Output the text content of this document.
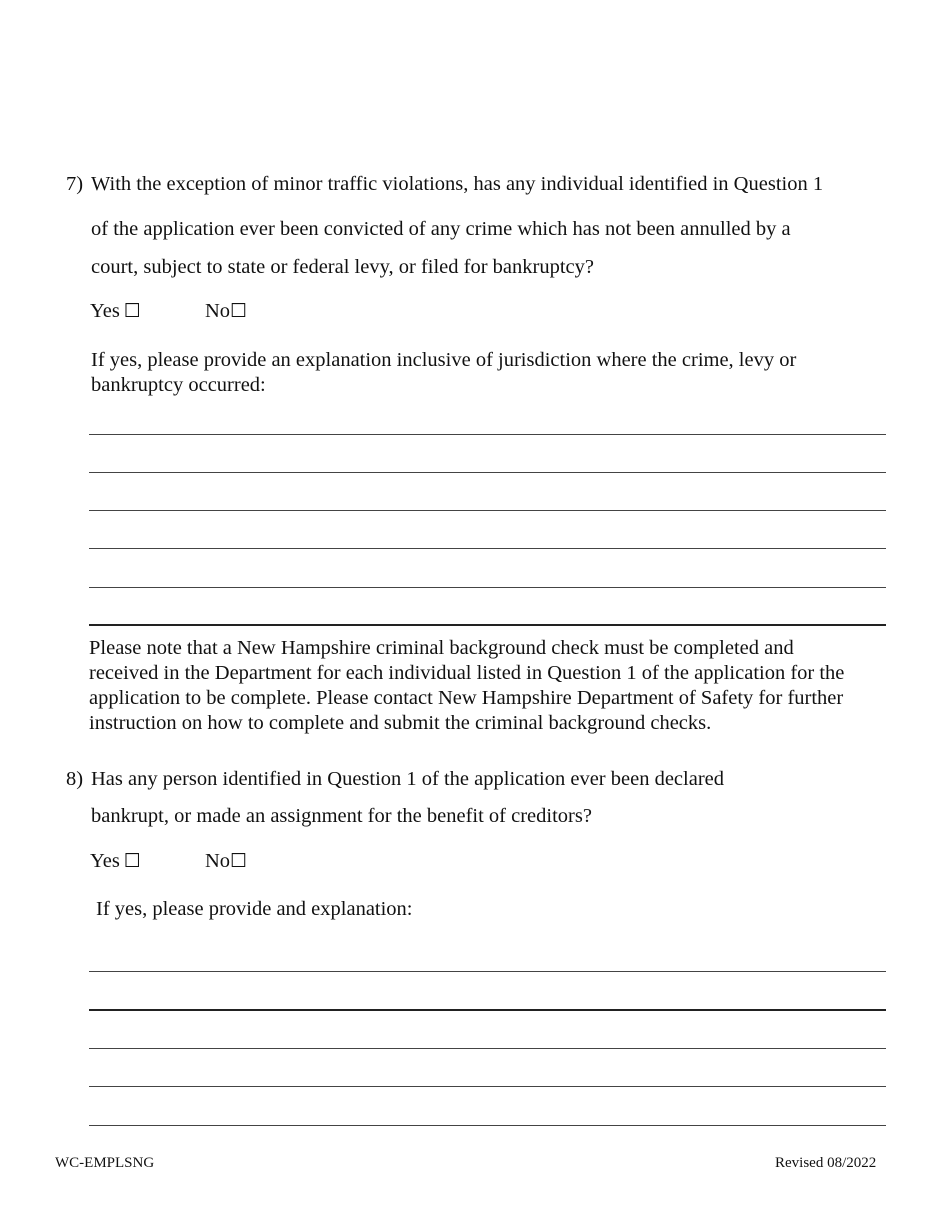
7) With the exception of minor traffic violations, has any individual identified in Question 1
of the application ever been convicted of any crime which has not been annulled by a
court, subject to state or federal levy, or filed for bankruptcy?
Yes ☐	No☐
If yes, please provide an explanation inclusive of jurisdiction where the crime, levy or
bankruptcy occurred:
Please note that a New Hampshire criminal background check must be completed and
received in the Department for each individual listed in Question 1 of the application for the
application to be complete. Please contact New Hampshire Department of Safety for further
instruction on how to complete and submit the criminal background checks.
8) Has any person identified in Question 1 of the application ever been declared
bankrupt, or made an assignment for the benefit of creditors?
Yes ☐	No☐
If yes, please provide and explanation:
WC-EMPLSNG	Revised 08/2022
